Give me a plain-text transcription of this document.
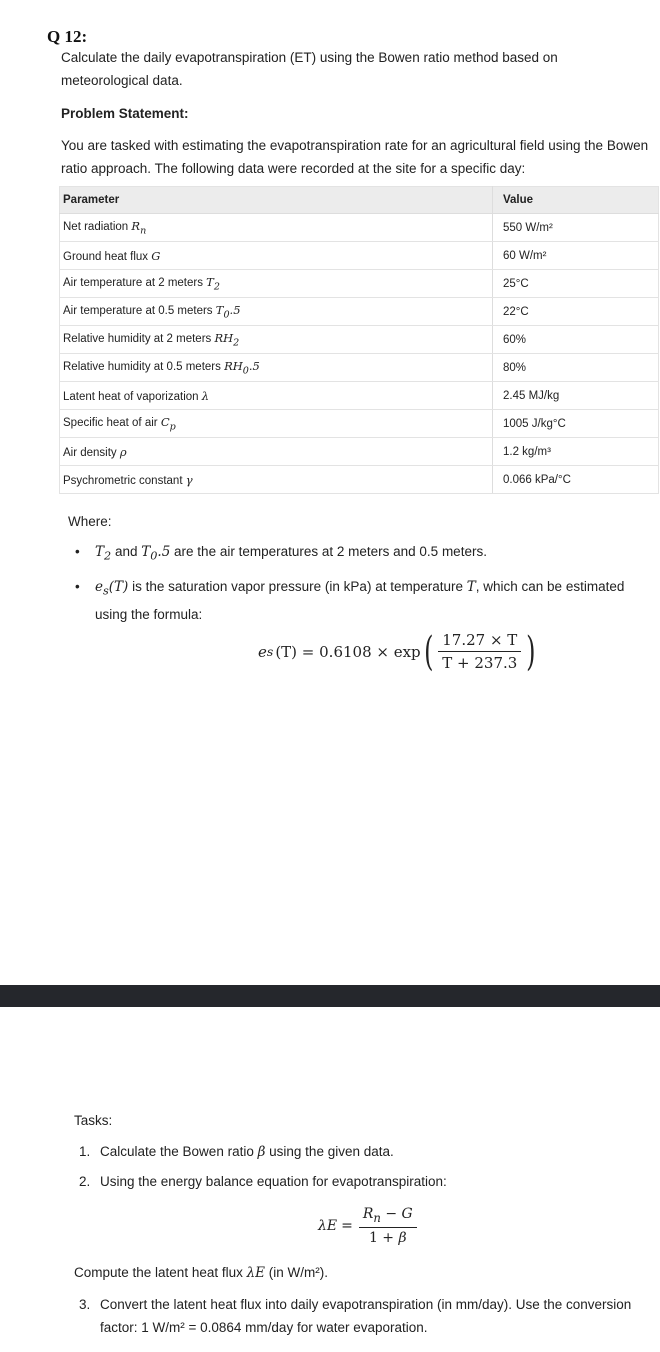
Q 12:
Calculate the daily evapotranspiration (ET) using the Bowen ratio method based on meteorological data.
Problem Statement:
You are tasked with estimating the evapotranspiration rate for an agricultural field using the Bowen ratio approach. The following data were recorded at the site for a specific day:
Parameter	Value
Net radiation $R_n$	550 W/m²
Ground heat flux G	60 W/m²
Air temperature at 2 meters $T_2$	25°C
Air temperature at 0.5 meters $T_0.5$	22°C
Relative humidity at 2 meters $RH_2$	60%
Relative humidity at 0.5 meters $RH_0.5$	80%
Latent heat of vaporization λ	2.45 MJ/kg
Specific heat of air $C_p$	1005 J/kg°C
Air density ρ	1.2 kg/m³
Psychrometric constant γ	0.066 kPa/°C
Where:
• $T_2$ and $T_0.5$ are the air temperatures at 2 meters and 0.5 meters.
• $e_s(T)$ is the saturation vapor pressure (in kPa) at temperature T, which can be estimated using the formula:
e s (T) = 0.6108 × exp ( $\frac{17.27 \times T}{T + 237.3}$ )
Tasks:
1. Calculate the Bowen ratio β using the given data.
2. Using the energy balance equation for evapotranspiration:
$\lambda E = \frac{R_n - G}{1 + \beta}$
Compute the latent heat flux λE (in W/m²).
3. Convert the latent heat flux into daily evapotranspiration (in mm/day). Use the conversion factor: 1 W/m² = 0.0864 mm/day for water evaporation.
